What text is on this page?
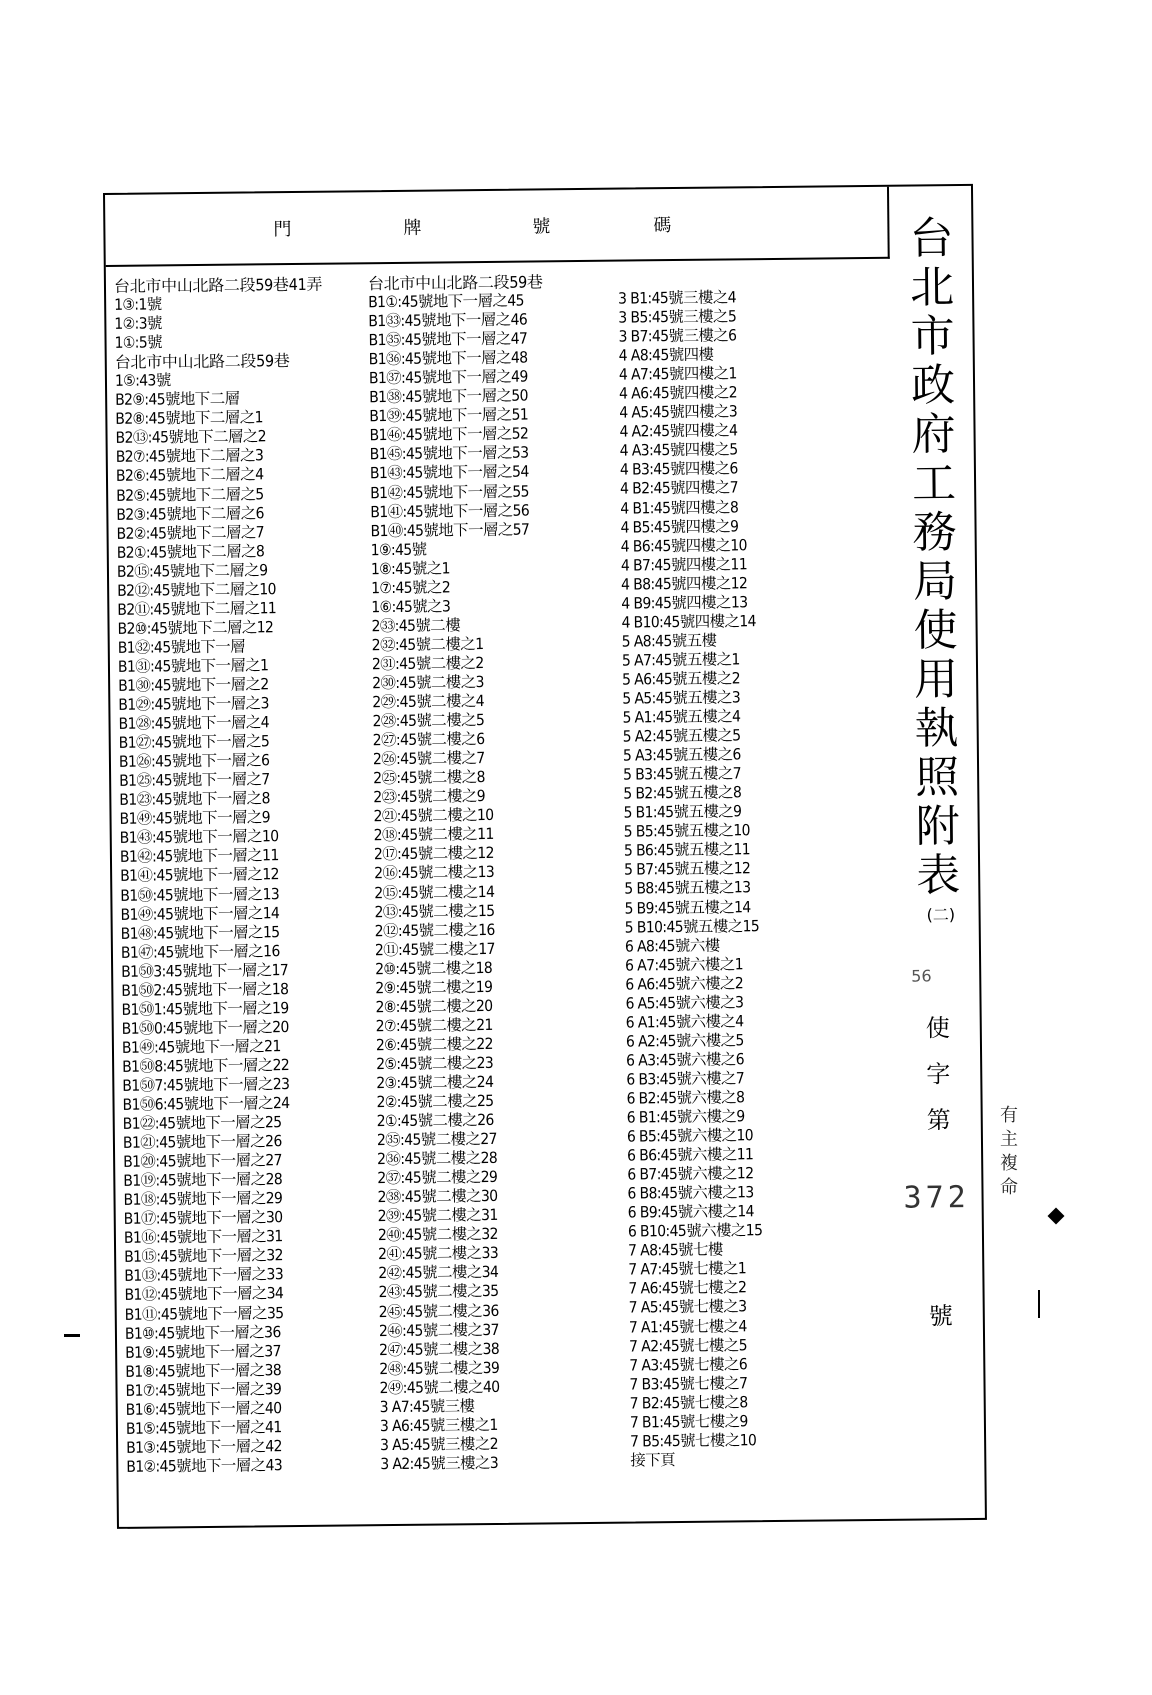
門	牌	號	碼
台北市中山北路二段59巷41弄
1③:1號
1②:3號
1①:5號
台北市中山北路二段59巷
1⑤:43號
B2⑨:45號地下二層
B2⑧:45號地下二層之1
B2⑬:45號地下二層之2
B2⑦:45號地下二層之3
B2⑥:45號地下二層之4
B2⑤:45號地下二層之5
B2③:45號地下二層之6
B2②:45號地下二層之7
B2①:45號地下二層之8
B2⑮:45號地下二層之9
B2⑫:45號地下二層之10
B2⑪:45號地下二層之11
B2⑩:45號地下二層之12
B1㉜:45號地下一層
B1㉛:45號地下一層之1
B1㉚:45號地下一層之2
B1㉙:45號地下一層之3
B1㉘:45號地下一層之4
B1㉗:45號地下一層之5
B1㉖:45號地下一層之6
B1㉕:45號地下一層之7
B1㉓:45號地下一層之8
B1㊾:45號地下一層之9
B1㊸:45號地下一層之10
B1㊷:45號地下一層之11
B1㊶:45號地下一層之12
B1㊿:45號地下一層之13
B1㊾:45號地下一層之14
B1㊽:45號地下一層之15
B1㊼:45號地下一層之16
B1㊿3:45號地下一層之17
B1㊿2:45號地下一層之18
B1㊿1:45號地下一層之19
B1㊿0:45號地下一層之20
B1㊾:45號地下一層之21
B1㊿8:45號地下一層之22
B1㊿7:45號地下一層之23
B1㊿6:45號地下一層之24
B1㉒:45號地下一層之25
B1㉑:45號地下一層之26
B1⑳:45號地下一層之27
B1⑲:45號地下一層之28
B1⑱:45號地下一層之29
B1⑰:45號地下一層之30
B1⑯:45號地下一層之31
B1⑮:45號地下一層之32
B1⑬:45號地下一層之33
B1⑫:45號地下一層之34
B1⑪:45號地下一層之35
B1⑩:45號地下一層之36
B1⑨:45號地下一層之37
B1⑧:45號地下一層之38
B1⑦:45號地下一層之39
B1⑥:45號地下一層之40
B1⑤:45號地下一層之41
B1③:45號地下一層之42
B1②:45號地下一層之43
台北市中山北路二段59巷
B1①:45號地下一層之45
B1㉝:45號地下一層之46
B1㉟:45號地下一層之47
B1㊱:45號地下一層之48
B1㊲:45號地下一層之49
B1㊳:45號地下一層之50
B1㊴:45號地下一層之51
B1㊻:45號地下一層之52
B1㊺:45號地下一層之53
B1㊸:45號地下一層之54
B1㊷:45號地下一層之55
B1㊶:45號地下一層之56
B1㊵:45號地下一層之57
1⑨:45號
1⑧:45號之1
1⑦:45號之2
1⑥:45號之3
2㉝:45號二樓
2㉜:45號二樓之1
2㉛:45號二樓之2
2㉚:45號二樓之3
2㉙:45號二樓之4
2㉘:45號二樓之5
2㉗:45號二樓之6
2㉖:45號二樓之7
2㉕:45號二樓之8
2㉓:45號二樓之9
2㉑:45號二樓之10
2⑱:45號二樓之11
2⑰:45號二樓之12
2⑯:45號二樓之13
2⑮:45號二樓之14
2⑬:45號二樓之15
2⑫:45號二樓之16
2⑪:45號二樓之17
2⑩:45號二樓之18
2⑨:45號二樓之19
2⑧:45號二樓之20
2⑦:45號二樓之21
2⑥:45號二樓之22
2⑤:45號二樓之23
2③:45號二樓之24
2②:45號二樓之25
2①:45號二樓之26
2㉟:45號二樓之27
2㊱:45號二樓之28
2㊲:45號二樓之29
2㊳:45號二樓之30
2㊴:45號二樓之31
2㊵:45號二樓之32
2㊶:45號二樓之33
2㊷:45號二樓之34
2㊸:45號二樓之35
2㊺:45號二樓之36
2㊻:45號二樓之37
2㊼:45號二樓之38
2㊽:45號二樓之39
2㊾:45號二樓之40
3 A7:45號三樓
3 A6:45號三樓之1
3 A5:45號三樓之2
3 A2:45號三樓之3
3 B1:45號三樓之4
3 B5:45號三樓之5
3 B7:45號三樓之6
4 A8:45號四樓
4 A7:45號四樓之1
4 A6:45號四樓之2
4 A5:45號四樓之3
4 A2:45號四樓之4
4 A3:45號四樓之5
4 B3:45號四樓之6
4 B2:45號四樓之7
4 B1:45號四樓之8
4 B5:45號四樓之9
4 B6:45號四樓之10
4 B7:45號四樓之11
4 B8:45號四樓之12
4 B9:45號四樓之13
4 B10:45號四樓之14
5 A8:45號五樓
5 A7:45號五樓之1
5 A6:45號五樓之2
5 A5:45號五樓之3
5 A1:45號五樓之4
5 A2:45號五樓之5
5 A3:45號五樓之6
5 B3:45號五樓之7
5 B2:45號五樓之8
5 B1:45號五樓之9
5 B5:45號五樓之10
5 B6:45號五樓之11
5 B7:45號五樓之12
5 B8:45號五樓之13
5 B9:45號五樓之14
5 B10:45號五樓之15
6 A8:45號六樓
6 A7:45號六樓之1
6 A6:45號六樓之2
6 A5:45號六樓之3
6 A1:45號六樓之4
6 A2:45號六樓之5
6 A3:45號六樓之6
6 B3:45號六樓之7
6 B2:45號六樓之8
6 B1:45號六樓之9
6 B5:45號六樓之10
6 B6:45號六樓之11
6 B7:45號六樓之12
6 B8:45號六樓之13
6 B9:45號六樓之14
6 B10:45號六樓之15
7 A8:45號七樓
7 A7:45號七樓之1
7 A6:45號七樓之2
7 A5:45號七樓之3
7 A1:45號七樓之4
7 A2:45號七樓之5
7 A3:45號七樓之6
7 B3:45號七樓之7
7 B2:45號七樓之8
7 B1:45號七樓之9
7 B5:45號七樓之10
接下頁
台
北
市
政
府
工
務
局
使
用
執
照
附
表
(二)
56
使
字
第
372
號
有
主
複
命
